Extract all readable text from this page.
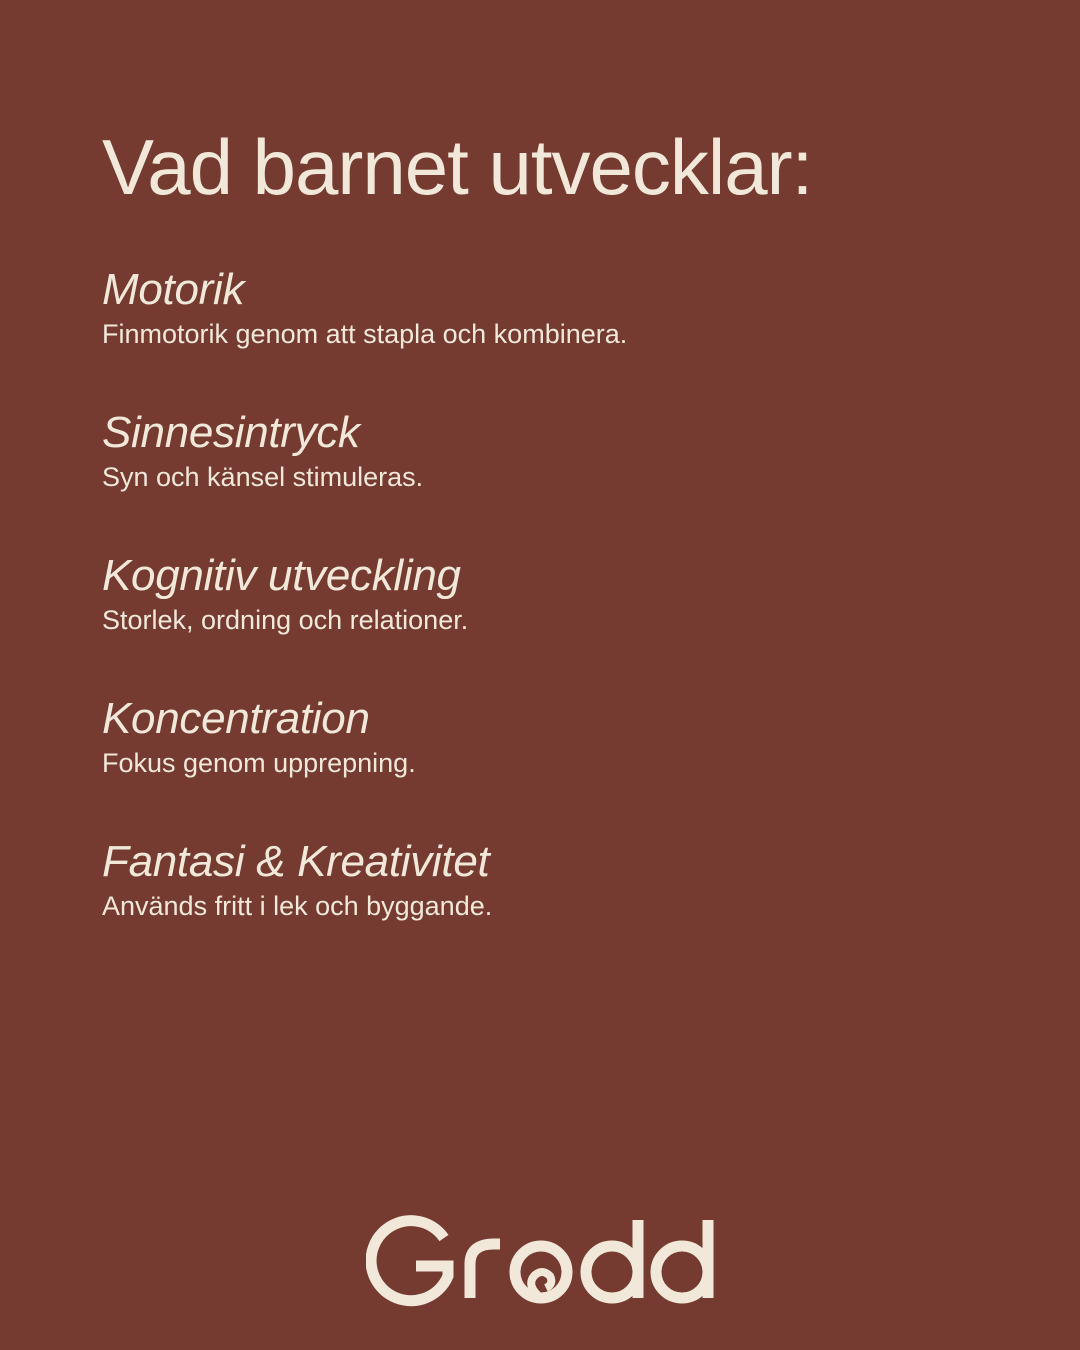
Vad barnet utvecklar:
Motorik
Finmotorik genom att stapla och kombinera.
Sinnesintryck
Syn och känsel stimuleras.
Kognitiv utveckling
Storlek, ordning och relationer.
Koncentration
Fokus genom upprepning.
Fantasi & Kreativitet
Används fritt i lek och byggande.
